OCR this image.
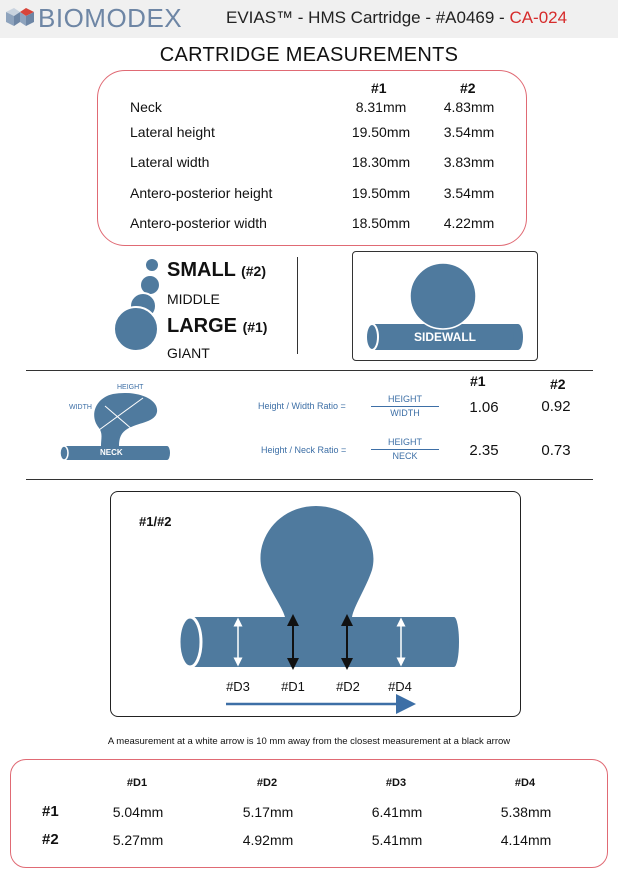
BIOMODEX	EVIAS™ - HMS Cartridge - #A0469 - CA-024
CARTRIDGE MEASUREMENTS
#1	#2
Neck	8.31mm	4.83mm
Lateral height	19.50mm	3.54mm
Lateral width	18.30mm	3.83mm
Antero-posterior height	19.50mm	3.54mm
Antero-posterior width	18.50mm	4.22mm
SMALL (#2)
MIDDLE
LARGE (#1)
GIANT
SIDEWALL
HEIGHT
WIDTH
NECK
#1	#2
Height / Width Ratio =
HEIGHT
WIDTH	1.06	0.92
Height / Neck Ratio =
HEIGHT
NECK	2.35	0.73
#1/#2
#D3	#D1	#D2	#D4
A measurement at a white arrow is 10 mm away from the closest measurement at a black arrow
#D1	#D2	#D3	#D4
#1	5.04mm	5.17mm	6.41mm	5.38mm
#2	5.27mm	4.92mm	5.41mm	4.14mm
